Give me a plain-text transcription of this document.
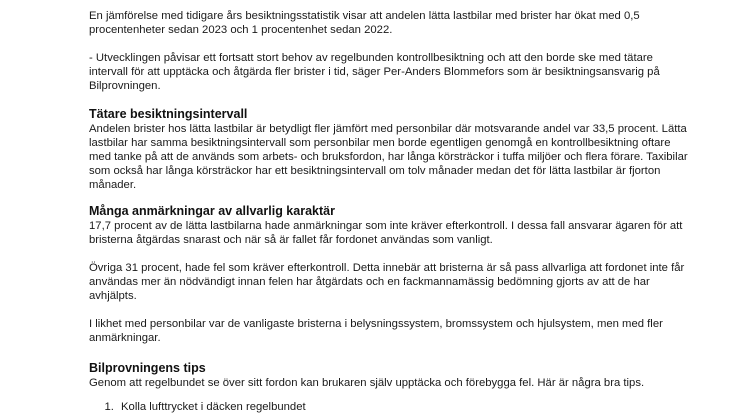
En jämförelse med tidigare års besiktningsstatistik visar att andelen lätta lastbilar med brister har ökat med 0,5 procentenheter sedan 2023 och 1 procentenhet sedan 2022.

- Utvecklingen påvisar ett fortsatt stort behov av regelbunden kontrollbesiktning och att den borde ske med tätare intervall för att upptäcka och åtgärda fler brister i tid, säger Per-Anders Blommefors som är besiktningsansvarig på Bilprovningen.

Tätare besiktningsintervall

Andelen brister hos lätta lastbilar är betydligt fler jämfört med personbilar där motsvarande andel var 33,5 procent. Lätta lastbilar har samma besiktningsintervall som personbilar men borde egentligen genomgå en kontrollbesiktning oftare med tanke på att de används som arbets- och bruksfordon, har långa körsträckor i tuffa miljöer och flera förare. Taxibilar som också har långa körsträckor har ett besiktningsintervall om tolv månader medan det för lätta lastbilar är fjorton månader.

Många anmärkningar av allvarlig karaktär

17,7 procent av de lätta lastbilarna hade anmärkningar som inte kräver efterkontroll. I dessa fall ansvarar ägaren för att bristerna åtgärdas snarast och när så är fallet får fordonet användas som vanligt.

Övriga 31 procent, hade fel som kräver efterkontroll. Detta innebär att bristerna är så pass allvarliga att fordonet inte får användas mer än nödvändigt innan felen har åtgärdats och en fackmannamässig bedömning gjorts av att de har avhjälpts.

I likhet med personbilar var de vanligaste bristerna i belysningssystem, bromssystem och hjulsystem, men med fler anmärkningar.

Bilprovningens tips

Genom att regelbundet se över sitt fordon kan brukaren själv upptäcka och förebygga fel. Här är några bra tips.

1. Kolla lufttrycket i däcken regelbundet
